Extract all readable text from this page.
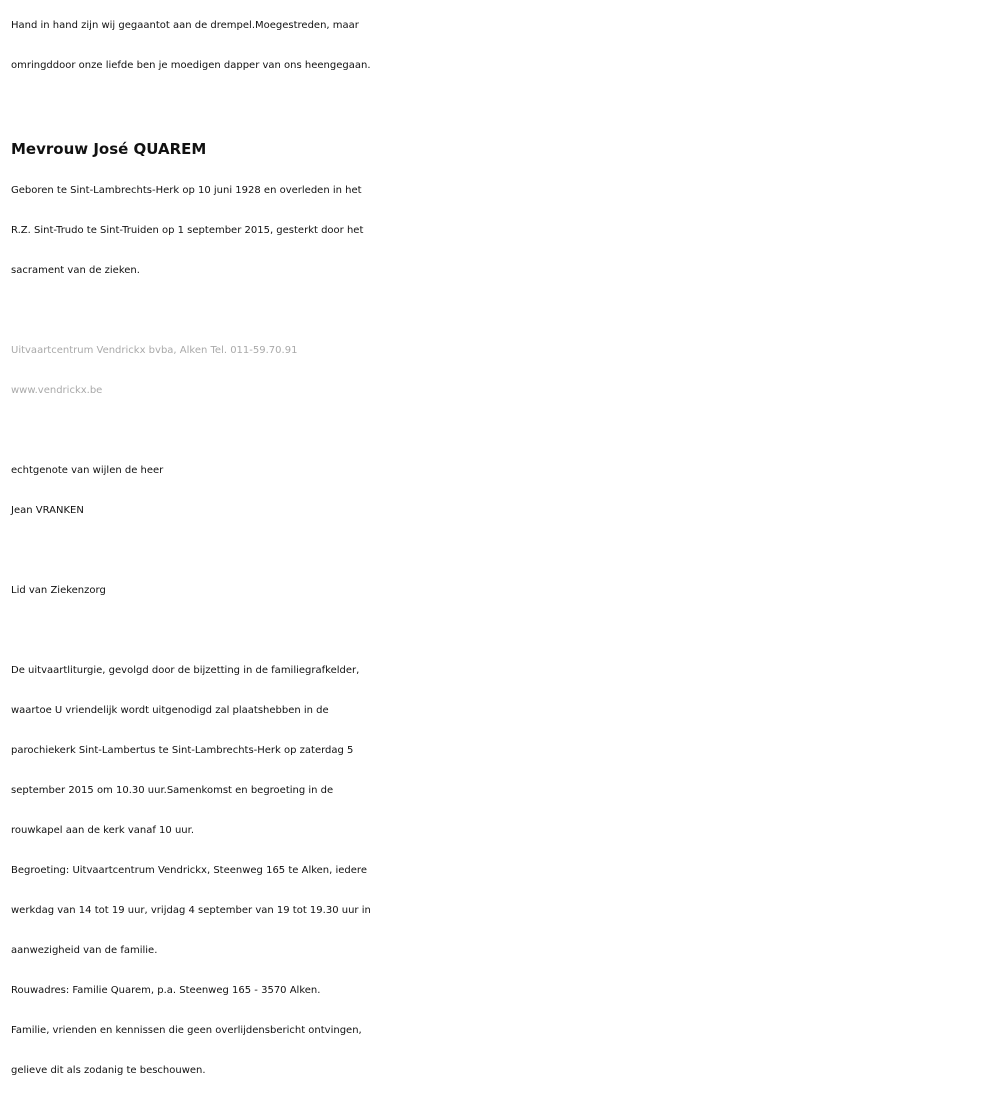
Hand in hand zijn wij gegaantot aan de drempel.Moegestreden, maar
omringddoor onze liefde ben je moedigen dapper van ons heengegaan.
Mevrouw José QUAREM
Geboren te Sint-Lambrechts-Herk op 10 juni 1928 en overleden in het
R.Z. Sint-Trudo te Sint-Truiden op 1 september 2015, gesterkt door het
sacrament van de zieken.
Uitvaartcentrum Vendrickx bvba, Alken Tel. 011-59.70.91
www.vendrickx.be
echtgenote van wijlen de heer
Jean VRANKEN
Lid van Ziekenzorg
De uitvaartliturgie, gevolgd door de bijzetting in de familiegrafkelder,
waartoe U vriendelijk wordt uitgenodigd zal plaatshebben in de
parochiekerk Sint-Lambertus te Sint-Lambrechts-Herk op zaterdag 5
september 2015 om 10.30 uur.Samenkomst en begroeting in de
rouwkapel aan de kerk vanaf 10 uur.
Begroeting: Uitvaartcentrum Vendrickx, Steenweg 165 te Alken, iedere
werkdag van 14 tot 19 uur, vrijdag 4 september van 19 tot 19.30 uur in
aanwezigheid van de familie.
Rouwadres: Familie Quarem, p.a. Steenweg 165 - 3570 Alken.
Familie, vrienden en kennissen die geen overlijdensbericht ontvingen,
gelieve dit als zodanig te beschouwen.
